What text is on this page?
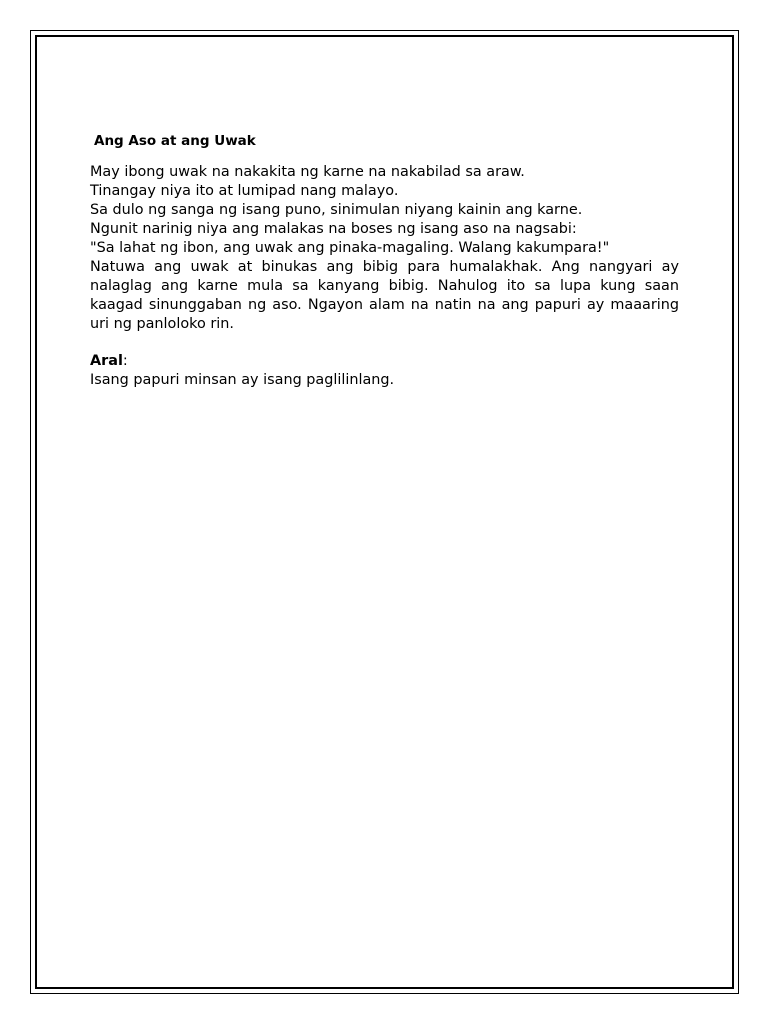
Ang Aso at ang Uwak
May ibong uwak na nakakita ng karne na nakabilad sa araw.
Tinangay niya ito at lumipad nang malayo.
Sa dulo ng sanga ng isang puno, sinimulan niyang kainin ang karne.
Ngunit narinig niya ang malakas na boses ng isang aso na nagsabi:
"Sa lahat ng ibon, ang uwak ang pinaka-magaling. Walang kakumpara!"

Natuwa ang uwak at binukas ang bibig para humalakhak. Ang nangyari ay nalaglag ang karne mula sa kanyang bibig. Nahulog ito sa lupa kung saan kaagad sinunggaban ng aso. Ngayon alam na natin na ang papuri ay maaaring uri ng panloloko rin.

Aral:
Isang papuri minsan ay isang paglilinlang.
